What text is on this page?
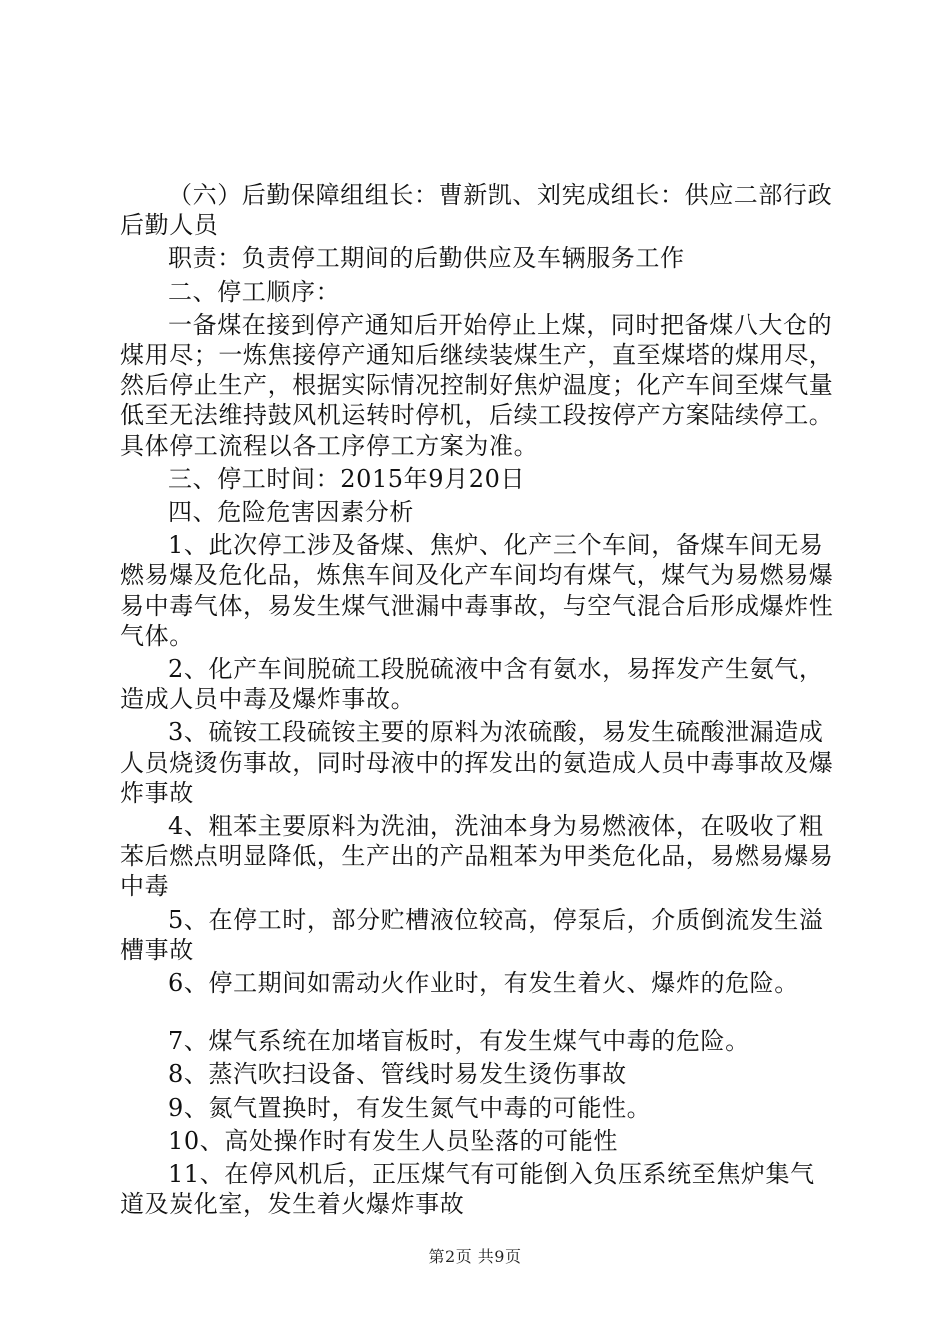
（六）后勤保障组组长：曹新凯、刘宪成组长：供应二部行政后勤人员

职责：负责停工期间的后勤供应及车辆服务工作

二、停工顺序：

一备煤在接到停产通知后开始停止上煤，同时把备煤八大仓的煤用尽；一炼焦接停产通知后继续装煤生产，直至煤塔的煤用尽，然后停止生产，根据实际情况控制好焦炉温度；化产车间至煤气量低至无法维持鼓风机运转时停机，后续工段按停产方案陆续停工。具体停工流程以各工序停工方案为准。

三、停工时间：2015年9月20日

四、危险危害因素分析

1、此次停工涉及备煤、焦炉、化产三个车间，备煤车间无易燃易爆及危化品，炼焦车间及化产车间均有煤气，煤气为易燃易爆易中毒气体，易发生煤气泄漏中毒事故，与空气混合后形成爆炸性气体。

2、化产车间脱硫工段脱硫液中含有氨水，易挥发产生氨气，造成人员中毒及爆炸事故。

3、硫铵工段硫铵主要的原料为浓硫酸，易发生硫酸泄漏造成人员烧烫伤事故，同时母液中的挥发出的氨造成人员中毒事故及爆炸事故

4、粗苯主要原料为洗油，洗油本身为易燃液体，在吸收了粗苯后燃点明显降低，生产出的产品粗苯为甲类危化品，易燃易爆易中毒

5、在停工时，部分贮槽液位较高，停泵后，介质倒流发生溢槽事故

6、停工期间如需动火作业时，有发生着火、爆炸的危险。

7、煤气系统在加堵盲板时，有发生煤气中毒的危险。

8、蒸汽吹扫设备、管线时易发生烫伤事故

9、氮气置换时，有发生氮气中毒的可能性。

10、高处操作时有发生人员坠落的可能性

11、在停风机后，正压煤气有可能倒入负压系统至焦炉集气道及炭化室，发生着火爆炸事故

第2页 共9页
